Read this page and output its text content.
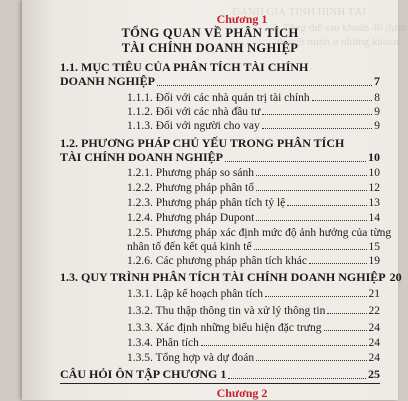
ĐÁNH GIÁ TÌNH HÌNH TÀI
3. Tổng thể sau khoản 40 được
thuyết minh ở những khoản
Chương 1
TỔNG QUAN VỀ PHÂN TÍCH
TÀI CHÍNH DOANH NGHIỆP
1.1. MỤC TIÊU CỦA PHÂN TÍCH TÀI CHÍNH
DOANH NGHIỆP	7
1.1.1. Đối với các nhà quản trị tài chính	8
1.1.2. Đối với các nhà đầu tư	9
1.1.3. Đối với người cho vay	9
1.2. PHƯƠNG PHÁP CHỦ YẾU TRONG PHÂN TÍCH
TÀI CHÍNH DOANH NGHIỆP	10
1.2.1. Phương pháp so sánh	10
1.2.2. Phương pháp phân tổ	12
1.2.3. Phương pháp phân tích tỷ lệ	13
1.2.4. Phương pháp Dupont	14
1.2.5. Phương pháp xác định mức độ ảnh hưởng của từng
nhân tố đến kết quả kinh tế	15
1.2.6. Các phương pháp phân tích khác	19
1.3. QUY TRÌNH PHÂN TÍCH TÀI CHÍNH DOANH NGHIỆP 20
1.3.1. Lập kế hoạch phân tích	21
1.3.2. Thu thập thông tin và xử lý thông tin	22
1.3.3. Xác định những biểu hiện đặc trưng	24
1.3.4. Phân tích	24
1.3.5. Tổng hợp và dự đoán	24
CÂU HỎI ÔN TẬP CHƯƠNG 1	25
Chương 2
